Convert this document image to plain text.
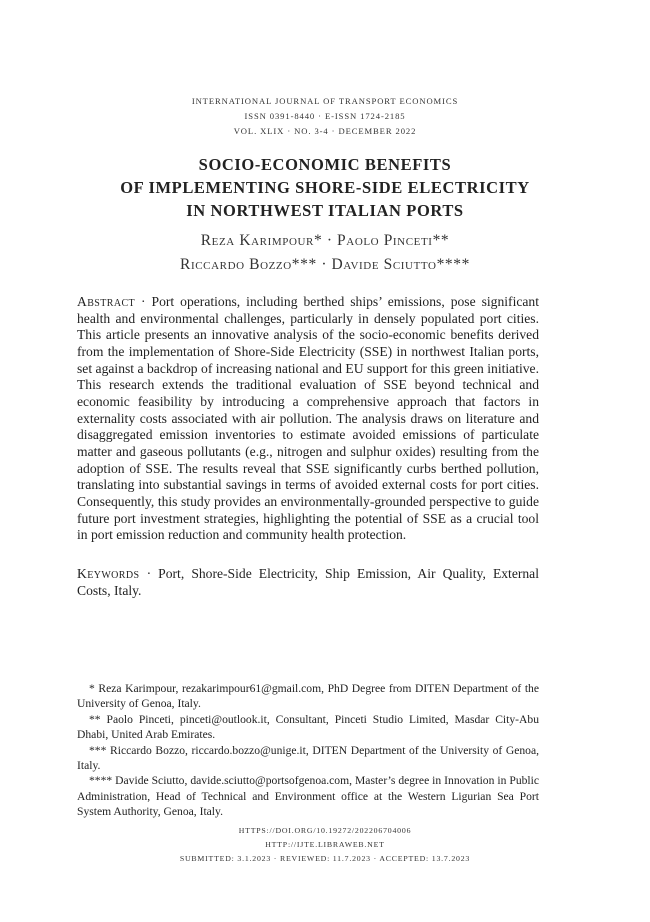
INTERNATIONAL JOURNAL OF TRANSPORT ECONOMICS
ISSN 0391-8440 · E-ISSN 1724-2185
VOL. XLIX · NO. 3-4 · DECEMBER 2022
SOCIO-ECONOMIC BENEFITS
OF IMPLEMENTING SHORE-SIDE ELECTRICITY
IN NORTHWEST ITALIAN PORTS
Reza Karimpour* · Paolo Pinceti**
Riccardo Bozzo*** · Davide Sciutto****

Abstract · Port operations, including berthed ships’ emissions, pose significant health and environmental challenges, particularly in densely populated port cities. This article presents an innovative analysis of the socio-economic benefits derived from the implementation of Shore-Side Electricity (SSE) in northwest Italian ports, set against a backdrop of increasing national and EU support for this green initiative. This research extends the traditional evaluation of SSE beyond technical and economic feasibility by introducing a comprehensive approach that factors in externality costs associated with air pollution. The analysis draws on literature and disaggregated emission inventories to estimate avoided emissions of particulate matter and gaseous pollutants (e.g., nitrogen and sulphur oxides) resulting from the adoption of SSE. The results reveal that SSE significantly curbs berthed pollution, translating into substantial savings in terms of avoided external costs for port cities. Consequently, this study provides an environmentally-grounded perspective to guide future port investment strategies, highlighting the potential of SSE as a crucial tool in port emission reduction and community health protection.

Keywords · Port, Shore-Side Electricity, Ship Emission, Air Quality, External Costs, Italy.

* Reza Karimpour, rezakarimpour61@gmail.com, PhD Degree from DITEN Department of the University of Genoa, Italy.

** Paolo Pinceti, pinceti@outlook.it, Consultant, Pinceti Studio Limited, Masdar City-Abu Dhabi, United Arab Emirates.

*** Riccardo Bozzo, riccardo.bozzo@unige.it, DITEN Department of the University of Genoa, Italy.

**** Davide Sciutto, davide.sciutto@portsofgenoa.com, Master’s degree in Innovation in Public Administration, Head of Technical and Environment office at the Western Ligurian Sea Port System Authority, Genoa, Italy.

HTTPS://DOI.ORG/10.19272/202206704006
HTTP://IJTE.LIBRAWEB.NET
SUBMITTED: 3.1.2023 · REVIEWED: 11.7.2023 · ACCEPTED: 13.7.2023
